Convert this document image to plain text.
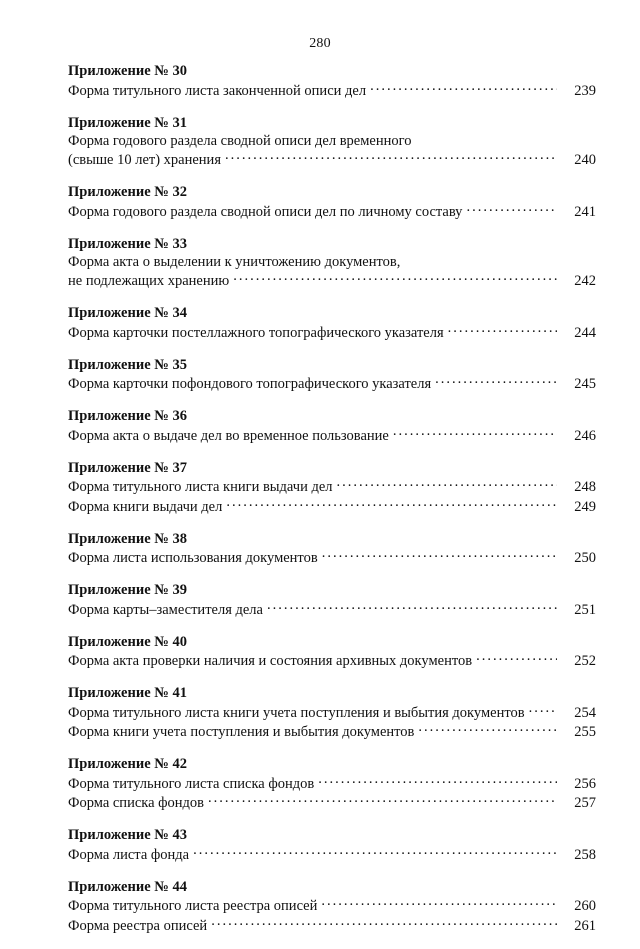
280
Приложение № 30
Форма титульного листа законченной описи дел .....	239
Приложение № 31
Форма годового раздела сводной описи дел временного
(свыше 10 лет) хранения .....	240
Приложение № 32
Форма годового раздела сводной описи дел по личному составу .....	241
Приложение № 33
Форма акта о выделении к уничтожению документов,
не подлежащих хранению .....	242
Приложение № 34
Форма карточки постеллажного топографического указателя .....	244
Приложение № 35
Форма карточки пофондового топографического указателя .....	245
Приложение № 36
Форма акта о выдаче дел во временное пользование .....	246
Приложение № 37
Форма титульного листа книги выдачи дел .....	248
Форма книги выдачи дел .....	249
Приложение № 38
Форма листа использования документов .....	250
Приложение № 39
Форма карты–заместителя дела .....	251
Приложение № 40
Форма акта проверки наличия и состояния архивных документов .....	252
Приложение № 41
Форма титульного листа книги учета поступления и выбытия документов .....	254
Форма книги учета поступления и выбытия документов .....	255
Приложение № 42
Форма титульного листа списка фондов .....	256
Форма списка фондов .....	257
Приложение № 43
Форма листа фонда .....	258
Приложение № 44
Форма титульного листа реестра описей .....	260
Форма реестра описей .....	261
